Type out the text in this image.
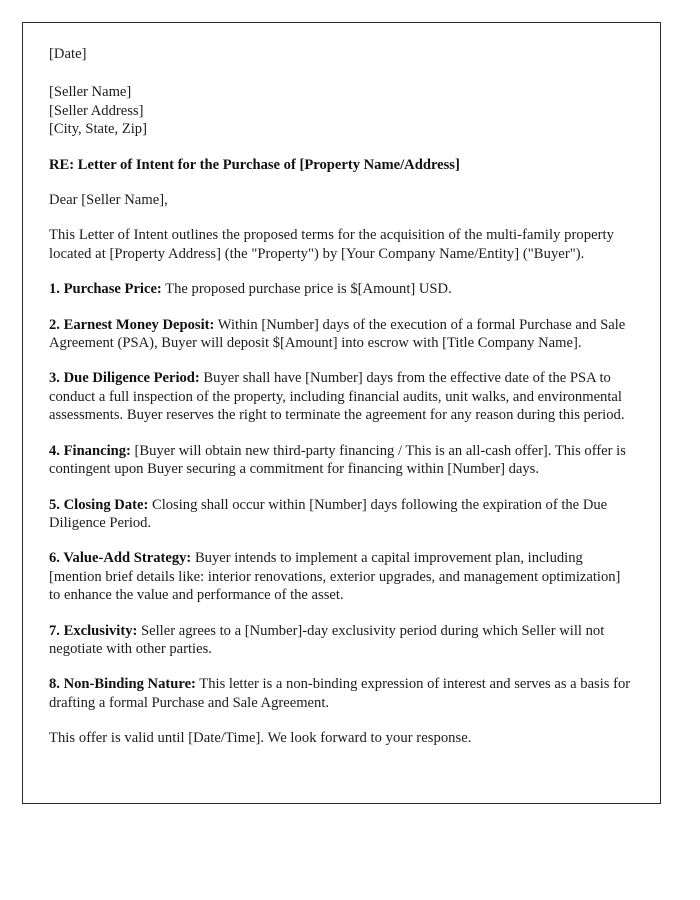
[Date]

[Seller Name]

[Seller Address]

[City, State, Zip]

RE: Letter of Intent for the Purchase of [Property Name/Address]

Dear [Seller Name],

This Letter of Intent outlines the proposed terms for the acquisition of the multi-family property located at [Property Address] (the "Property") by [Your Company Name/Entity] ("Buyer").

1. Purchase Price: The proposed purchase price is $[Amount] USD.

2. Earnest Money Deposit: Within [Number] days of the execution of a formal Purchase and Sale Agreement (PSA), Buyer will deposit $[Amount] into escrow with [Title Company Name].

3. Due Diligence Period: Buyer shall have [Number] days from the effective date of the PSA to conduct a full inspection of the property, including financial audits, unit walks, and environmental assessments. Buyer reserves the right to terminate the agreement for any reason during this period.

4. Financing: [Buyer will obtain new third-party financing / This is an all-cash offer]. This offer is contingent upon Buyer securing a commitment for financing within [Number] days.

5. Closing Date: Closing shall occur within [Number] days following the expiration of the Due Diligence Period.

6. Value-Add Strategy: Buyer intends to implement a capital improvement plan, including [mention brief details like: interior renovations, exterior upgrades, and management optimization] to enhance the value and performance of the asset.

7. Exclusivity: Seller agrees to a [Number]-day exclusivity period during which Seller will not negotiate with other parties.

8. Non-Binding Nature: This letter is a non-binding expression of interest and serves as a basis for drafting a formal Purchase and Sale Agreement.

This offer is valid until [Date/Time]. We look forward to your response.
